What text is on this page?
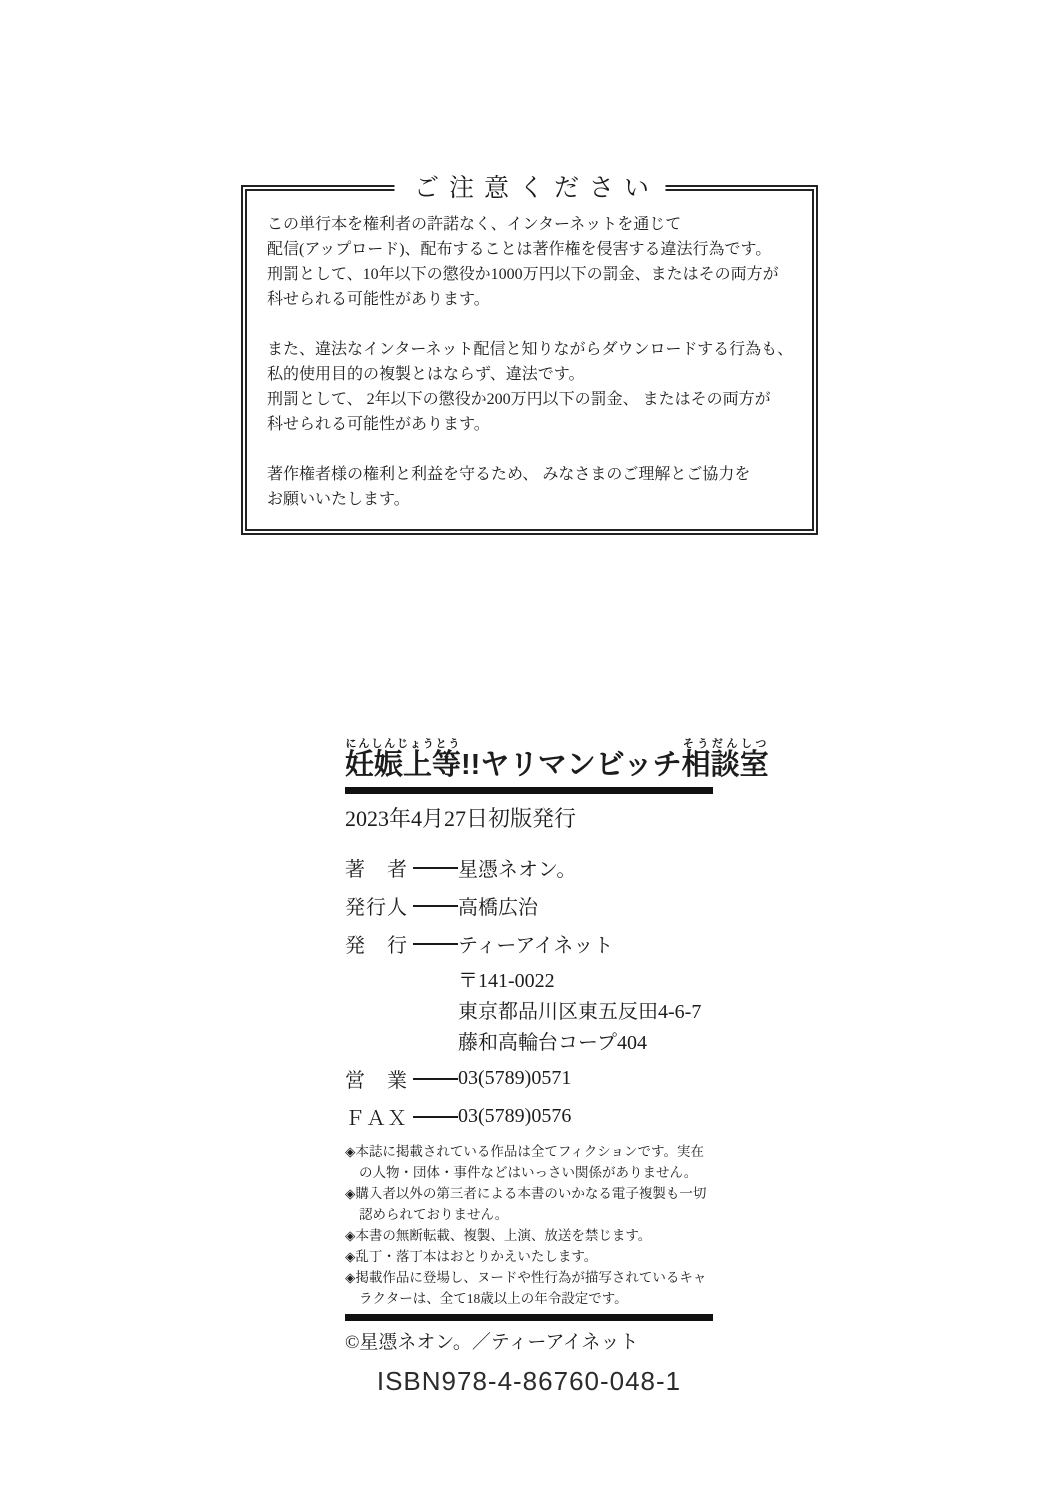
ご注意ください
この単行本を権利者の許諾なく、インターネットを通じて
配信(アップロード)、配布することは著作権を侵害する違法行為です。
刑罰として、10年以下の懲役か1000万円以下の罰金、またはその両方が
科せられる可能性があります。
また、違法なインターネット配信と知りながらダウンロードする行為も、
私的使用目的の複製とはならず、違法です。
刑罰として、 2年以下の懲役か200万円以下の罰金、 またはその両方が
科せられる可能性があります。
著作権者様の権利と利益を守るため、 みなさまのご理解とご協力を
お願いいたします。
妊娠上等にんしんじょうとう!!ヤリマンビッチ相談室そうだんしつ
2023年4月27日初版発行
著　者	星憑ネオン。
発行人	高橋広治
発　行	ティーアイネット
〒141-0022
東京都品川区東五反田4-6-7
藤和高輪台コープ404
営　業	03(5789)0571
ＦＡＸ	03(5789)0576
◈本誌に掲載されている作品は全てフィクションです。実在の人物・団体・事件などはいっさい関係がありません。
◈購入者以外の第三者による本書のいかなる電子複製も一切認められておりません。
◈本書の無断転載、複製、上演、放送を禁じます。
◈乱丁・落丁本はおとりかえいたします。
◈掲載作品に登場し、ヌードや性行為が描写されているキャラクターは、全て18歳以上の年令設定です。
©星憑ネオン。／ティーアイネット
ISBN978-4-86760-048-1
